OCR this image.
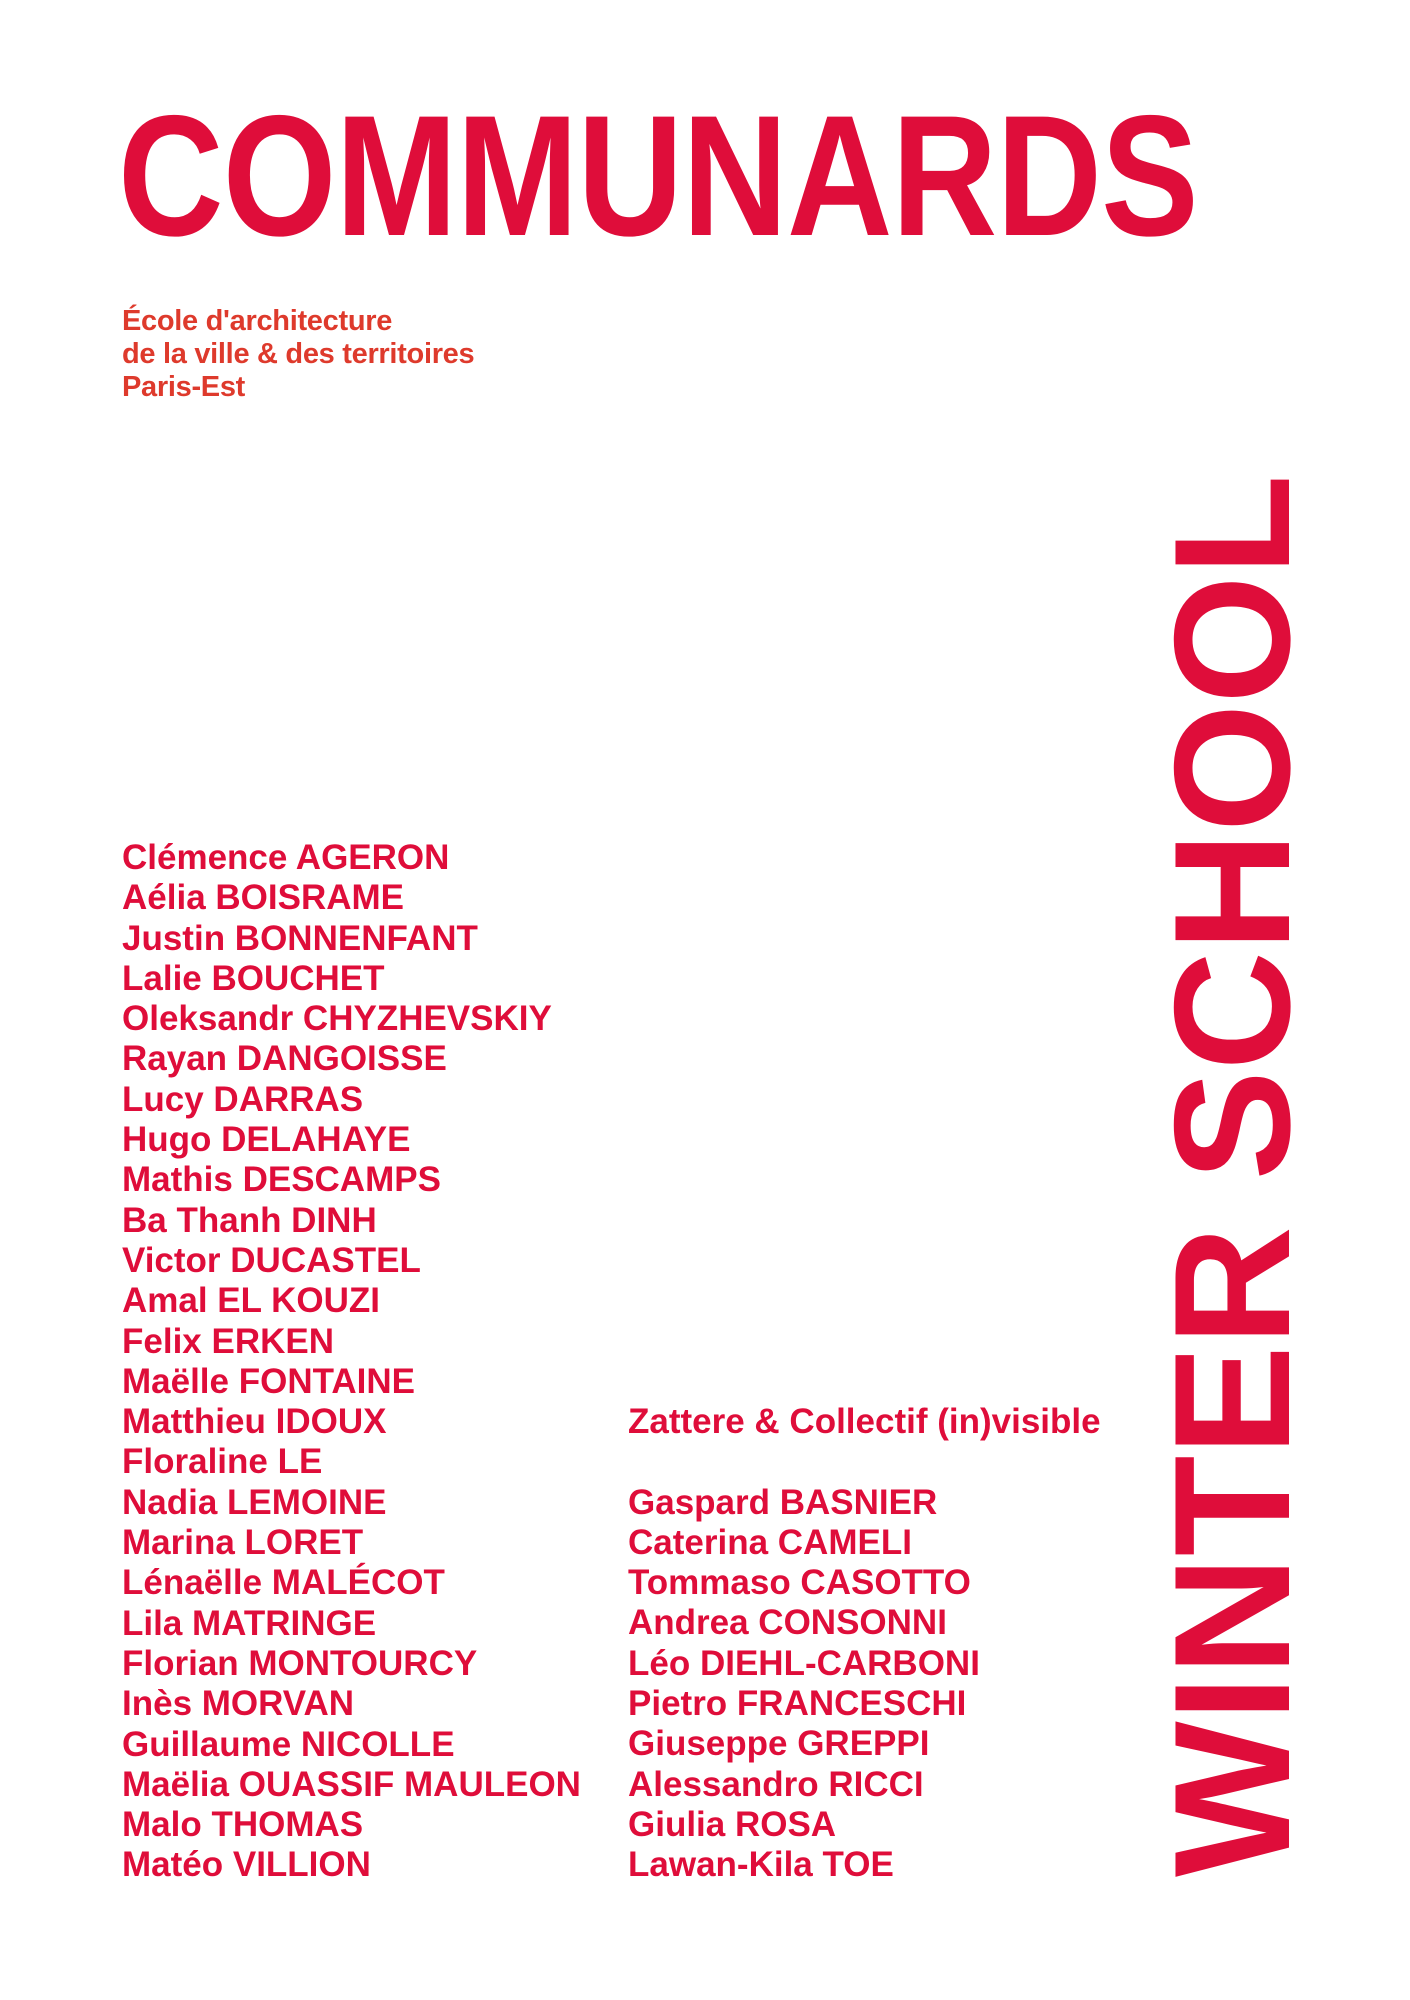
COMMUNARDS
École d'architecture
de la ville & des territoires
Paris-Est
Clémence AGERON
Aélia BOISRAME
Justin BONNENFANT
Lalie BOUCHET
Oleksandr CHYZHEVSKIY
Rayan DANGOISSE
Lucy DARRAS
Hugo DELAHAYE
Mathis DESCAMPS
Ba Thanh DINH
Victor DUCASTEL
Amal EL KOUZI
Felix ERKEN
Maëlle FONTAINE
Matthieu IDOUX
Floraline LE
Nadia LEMOINE
Marina LORET
Lénaëlle MALÉCOT
Lila MATRINGE
Florian MONTOURCY
Inès MORVAN
Guillaume NICOLLE
Maëlia OUASSIF MAULEON
Malo THOMAS
Matéo VILLION

Zattere & Collectif (in)visible

Gaspard BASNIER
Caterina CAMELI
Tommaso CASOTTO
Andrea CONSONNI
Léo DIEHL-CARBONI
Pietro FRANCESCHI
Giuseppe GREPPI
Alessandro RICCI
Giulia ROSA
Lawan-Kila TOE	WINTER SCHOOL
